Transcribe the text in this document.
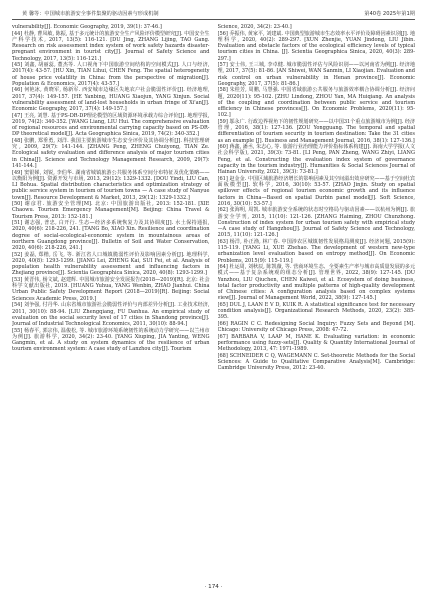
黄 馨等：中国城市旅游安全事件集聚的驱动因素与形成机制	第40卷 2025年第1期

vulnerability[J]. Economic Geography, 2019, 39(1): 37-46.]

[44] 杜静, 曹凤敏, 陈振, 基于多元统计的旅游安全生产风险评价模型研究[J]. 中国安全生产科学技术, 2017, 13(5): 116-121. [DU Jing, ZHANG Lijing, TAO Gang. Research on risk assessment index system of work safety hazards disaster-pregnant environment in tourist city[J]. Journal of Safety Science and Technology, 2017, 13(5): 116-121.]

[45] 刘鑫, 胡丽蕊, 董杰等. 人口视角下中国旅游空间结构的空间模式[J]. 人口与经济, 2017(4): 43-57. [HU Xin, TIAN Lihui, CHEN Feng. The spatial heterogeneity of house price volatility in China: from the perspective of migration[J]. Population & Economics, 2017(4): 43-57.]

[46] 何艳冰, 黄晓军, 杨新军. 西安城市边缘区失地农户社会脆弱性评价[J]. 经济地理, 2017, 37(4): 149-157. [HE Yanbing, HUANG Xiaojun, YANG Xinjun. Social vulnerability assessment of land-lost households in urban fringe of Xi'an[J]. Economic Geography, 2017, 37(4): 149-157.]

[47] 王亮, 刘慧. 基于PS-DR-DP理论模型的区域资源环境承载力综合评价[J]. 地理学报, 2019, 74(2): 340-352. [WANG Liang, LIU Hui. The comprehensive evaluation of regional resources and environmental carrying capacity based on PS-DR-DP theoretical model[J]. Acta Geographica Sinica, 2019, 74(2): 340-352.]

[48] 张鹏, 郑垂勇, 刘洋. 我国主要旅游城市生态安全评价及其协调分析[J]. 科技管理研究, 2009, 29(7): 141-144. [ZHANG Peng, ZHENG Chuiyong, TIAN Ze. Ecological safety evaluation and difference analysis of major tourism cities in China[J]. Science and Technology Management Research, 2009, 29(7): 141-144.]

[49] 窦银娣, 刘锐, 李伯华. 湖南省城镇旅游公共服务体系空间分布特征及优化策略——以衡阳为例[J]. 资源开发与市场, 2013, 29(12): 1329-1332. [DOU Yindi, LIU Can, LI Bohua. Spatial distribution characteristics and optimization strategy of public service system in tourism of tourism towns — A case study of Nanyue town[J]. Resource Development & Market, 2013, 29(12): 1329-1332.]

[50] 谢彦君. 旅游安全管理[M]. 北京: 中国旅游出版社, 2013: 152-181. [XIE Chaowu. Tourism Emergency Management[M]. Beijing: China Travel & Tourism Press, 2013: 152-181.]

[51] 谢志强, 普忠, 白开行. 生态—经济多系统恢复力及其协调度[J]. 水土保持通报, 2020, 40(6): 218-226, 241. [TANG Bo, XIAO Xin. Resilience and coordination degree of social-ecological-economic system in mountainous areas of northern Guangdong province[J]. Bulletin of Soil and Water Conservation, 2020, 40(6): 218-226, 241.]

[52] 姜磊, 郑楷, 岳飞, 等. 浙江省人口城镇脆弱性评价及影响因素分析[J]. 地理科学, 2020, 40(8): 1293-1299. [JIANG Lei, ZHENG Kai, SUI Fei, et al. Analysis of population health vulnerability assessment and influencing factors in Zhejiang province[J]. Scientia Geographica Sinica, 2020, 40(8): 1293-1299.]

[53] 黄晋伟, 杨文斌, 赵建辉. 中国城市旅游安全发展报告(2018—2019)[R]. 北京: 社会科学文献出版社, 2019. [HUANG Yuhua, YANG Wenbin, ZHAO Jianhui. China Urban Public Safety Development Report (2018—2019)[R]. Beijing: Social Sciences Academic Press, 2019.]

[54] 刘争强, 付丹华. 山东省城市旅游社会脆弱性评价与内部差异分析[J]. 工业技术经济, 2011, 30(10): 88-94. [LIU Zhengqiang, FU Danhua. An empirical study of evaluation on the social security level of 17 cities in Shandong province[J]. Journal of Industrial Technological Economics, 2011, 30(10): 88-94.]

[55] 杨春平, 郭宗伟, 温俊松, 等. 城市旅游环境系统韧性的系统动力学研究——以兰州市为例[J]. 旅游科学, 2020, 34(2): 23-40. [YANG Xiuping, JIA Yanting, WENG Gangmin, et al. A study on system dynamics of the resilience of urban tourism environment system: A case study of Lanzhou city[J]. Tourism

Science, 2020, 34(2): 23-40.]

[56] 乔振伟, 黄家平, 刘建斌. 中国典型旅游城市生态效率水平评价及障碍因素识别[J]. 地理科学, 2020, 40(2): 289-297. [XUN Zhenjie, YUAN Jindong, LIU Jibin. Evaluation and obstacle factors of the ecological efficiency levels of typical tourism cities in China. [J]. Scientia Geographica Sinica, 2020, 40(3): 289-297.]

[57] 安士伟, 王三城, 李卓健. 城市脆弱性评估与风险识别——以河南省为例[J]. 经济地理, 2017, 37(5): 81-86. [AN Shiwei, WAN Sanmin, LI Xiaojian. Evaluation and risk control on urban vulnerability in Henan province[J]. Economic Geography, 2017, 37(5): 81-86.]

[58] 朱桂芳, 周鹏, 马慧强. 中国省域旅游公共服务与旅游效率耦合协调分析[J]. 经济问题, 2020(11): 95-102. [ZHU Lindong, ZHOU Yan, MA Huiqiang. An analysis of the coupling and coordination between public service and tourism efficiency in Chinese provinces[J]. On Economic Problems, 2020(11): 95-102.]

[59] 邬永广. 行政边界视角下的韧性规划研究——以中国31个重点旅游城市为例[J]. 经济管理, 2016, 38(1): 127-136. [ZOU Yongguang. The temporal and spatial differentiation of tourism security in tourism destination: Take the 31 cities as an example [J]. Business and Management Journal, 2016, 38(1): 127-136.]

[60] 蒋鑫, 潘丞, 朱志心, 等. 旅游行业治理能力评价指标体系构建[J]. 海南大学学报(人文社会科学版), 2021, 39(3): 73-81. [LI Peng, PAN Zheng, WANG Zhiyi, LIANG Feng, et al. Constructing the evaluation index system of governance capacity in the tourism industry[J]. Humanities & Social Sciences Journal of Hainan University, 2021, 39(3): 73-81.]

[61] 赵金金. 中国区域旅游经济增长的影响因素及其空间溢出效应研究——基于空间杜宾面板模型[J]. 软科学, 2016, 30(10): 53-57. [ZHAO Jinjin. Study on spatial spillover effects of regional tourism economic growth and its influence factors in China—Based on spatial Durbin panel model[J]. Soft Science, 2016, 30(10): 53-57.]

[62] 张海明, 周凯. 城市旅游安全系统的状态时空格局与驱动因素——以杭州为例[J]. 旅游安全学刊, 2015, 11(10): 121-126. [ZHANG Haiming, ZHOU Chunzhong. Construction of index system for urban tourism safety with empirical study—A case study of Hangzhou[J]. Journal of Safety Science and Technology, 2015, 11(10): 121-126.]

[63] 杨洋, 朴正渔, 林广春. 中国涉农区城镇韧性发展格局测度[J]. 经济问题, 2015(9): 115-119. [YANG Li, XUE Zhehao. The development of western new-type urbanization level evaluation based on entropy method[J]. On Economic Problems, 2015(9): 115-119.]

[64] 杜运周, 刘秋辰, 陈凯薇, 等. 营商环境生态、全要素生产率与城市高质量发展的多元模式——基于复杂系统观的组态分析[J]. 管理世界, 2022, 38(9): 127-145. [DU Yunzhou, LIU Qiuchen, CHEN Kaiwei, et al. Ecosystem of doing business, total factor productivity and multiple patterns of high-quality development of Chinese cities: A configuration analysis based on complex systems view[J]. Journal of Management World, 2022, 38(9): 127-145.]

[65] DUL J, LAAN E V D, KUIK R. A statistical significance test for necessary condition analysis[J]. Organizational Research Methods, 2020, 23(2): 385-395.

[66] RAGIN C C. Redesigning Social Inquiry: Fuzzy Sets and Beyond [M]. Chicago: University of Chicago Press, 2008: 47-72.

[67] BARBARA V, LAAP M, HANE K. Evaluating variation: in economic performance using fuzzy-sets[J]. Quality & Quantity International Journal of Methodology, 2013, 47: 1971-1989.

[68] SCHNEIDER C Q, WAGEMANN C. Set-theoretic Methods for the Social Sciences: A Guide to Qualitative Comparative Analysis[M]. Cambridge: Cambridge University Press, 2012: 23-40.

· 174 ·
